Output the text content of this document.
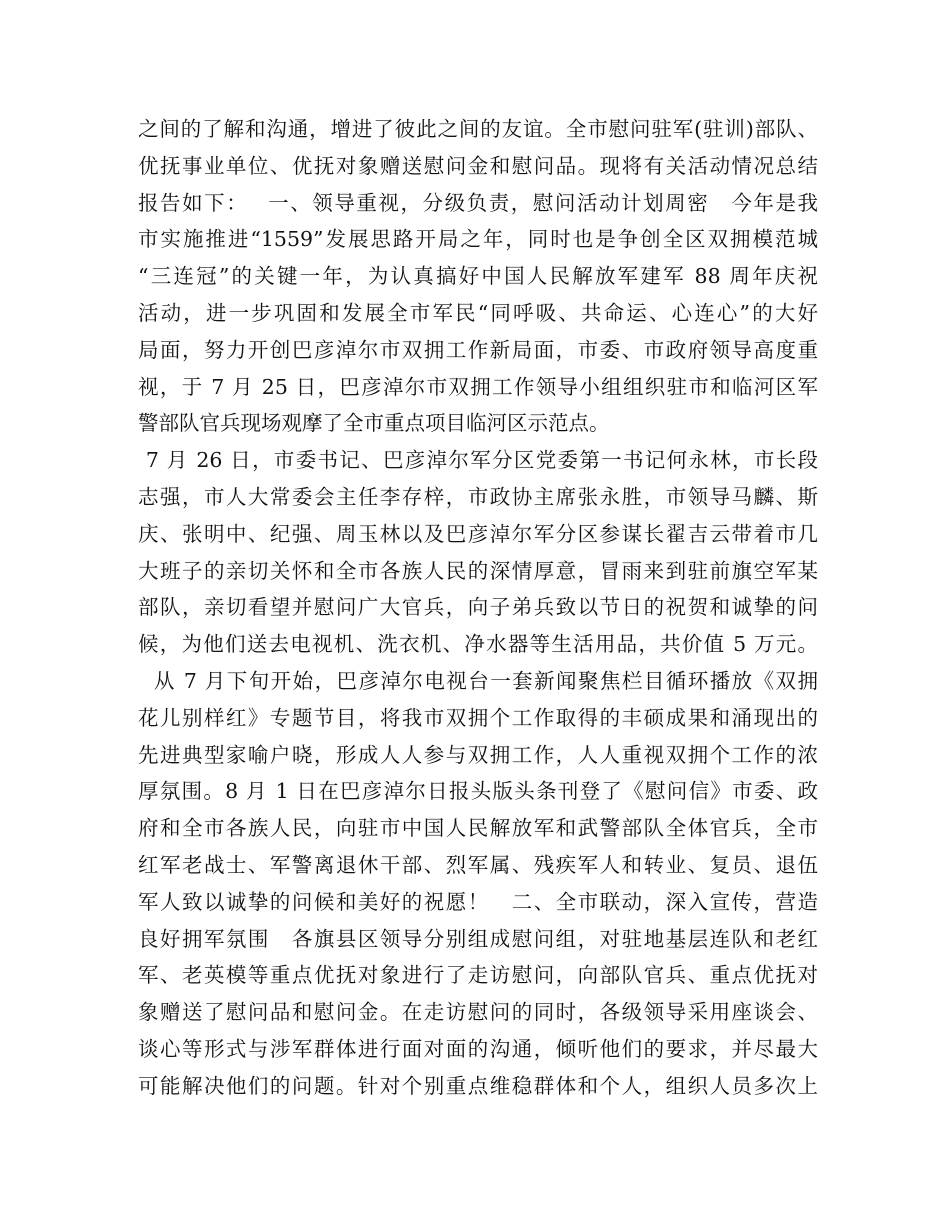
之间的了解和沟通，增进了彼此之间的友谊。全市慰问驻军(驻训)部队、
优抚事业单位、优抚对象赠送慰问金和慰问品。现将有关活动情况总结
报告如下：　 一、领导重视，分级负责，慰问活动计划周密　今年是我
市实施推进“1559”发展思路开局之年，同时也是争创全区双拥模范城
“三连冠”的关键一年，为认真搞好中国人民解放军建军 88 周年庆祝
活动，进一步巩固和发展全市军民“同呼吸、共命运、心连心”的大好
局面，努力开创巴彦淖尔市双拥工作新局面，市委、市政府领导高度重
视，于 7 月 25 日，巴彦淖尔市双拥工作领导小组组织驻市和临河区军
警部队官兵现场观摩了全市重点项目临河区示范点。
7 月 26 日，市委书记、巴彦淖尔军分区党委第一书记何永林，市长段
志强，市人大常委会主任李存梓，市政协主席张永胜，市领导马麟、斯
庆、张明中、纪强、周玉林以及巴彦淖尔军分区参谋长翟吉云带着市几
大班子的亲切关怀和全市各族人民的深情厚意，冒雨来到驻前旗空军某
部队，亲切看望并慰问广大官兵，向子弟兵致以节日的祝贺和诚挚的问
候，为他们送去电视机、洗衣机、净水器等生活用品，共价值 5 万元。
从 7 月下旬开始，巴彦淖尔电视台一套新闻聚焦栏目循环播放《双拥
花儿别样红》专题节目，将我市双拥个工作取得的丰硕成果和涌现出的
先进典型家喻户晓，形成人人参与双拥工作，人人重视双拥个工作的浓
厚氛围。8 月 1 日在巴彦淖尔日报头版头条刊登了《慰问信》市委、政
府和全市各族人民，向驻市中国人民解放军和武警部队全体官兵，全市
红军老战士、军警离退休干部、烈军属、残疾军人和转业、复员、退伍
军人致以诚挚的问候和美好的祝愿！　二、全市联动，深入宣传，营造
良好拥军氛围　各旗县区领导分别组成慰问组，对驻地基层连队和老红
军、老英模等重点优抚对象进行了走访慰问，向部队官兵、重点优抚对
象赠送了慰问品和慰问金。在走访慰问的同时，各级领导采用座谈会、
谈心等形式与涉军群体进行面对面的沟通，倾听他们的要求，并尽最大
可能解决他们的问题。针对个别重点维稳群体和个人，组织人员多次上
